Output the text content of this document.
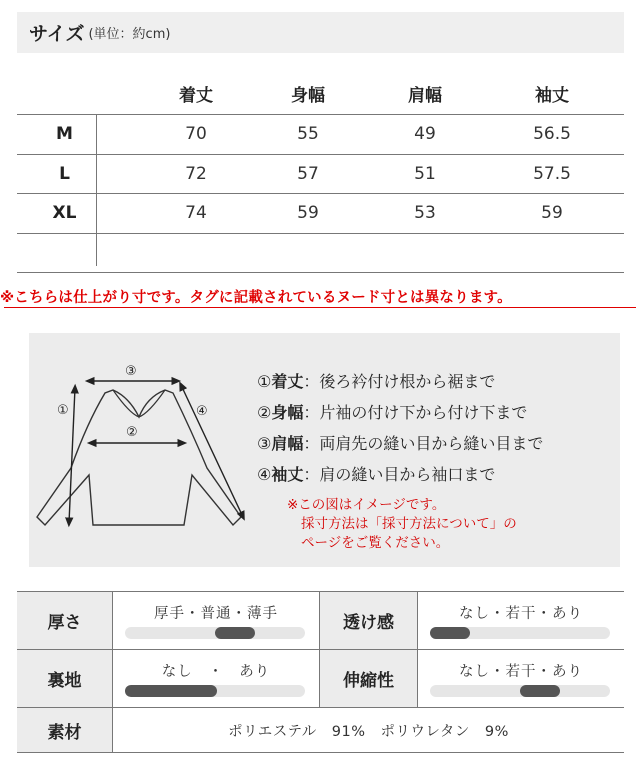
サイズ (単位：約cm)
着丈	身幅	肩幅	袖丈
M	70	55	49	56.5
L	72	57	51	57.5
XL	74	59	53	59
※こちらは仕上がり寸です。タグに記載されているヌード寸とは異なります。
①
②
③
④
①着丈：後ろ衿付け根から裾まで
②身幅：片袖の付け下から付け下まで
③肩幅：両肩先の縫い目から縫い目まで
④袖丈：肩の縫い目から袖口まで
※この図はイメージです。
採寸方法は「採寸方法について」の
ページをご覧ください。
厚さ	厚手・普通・薄手	透け感	なし・若干・あり
裏地	なし　・　あり	伸縮性	なし・若干・あり
素材	ポリエステル　91%　ポリウレタン　9%
